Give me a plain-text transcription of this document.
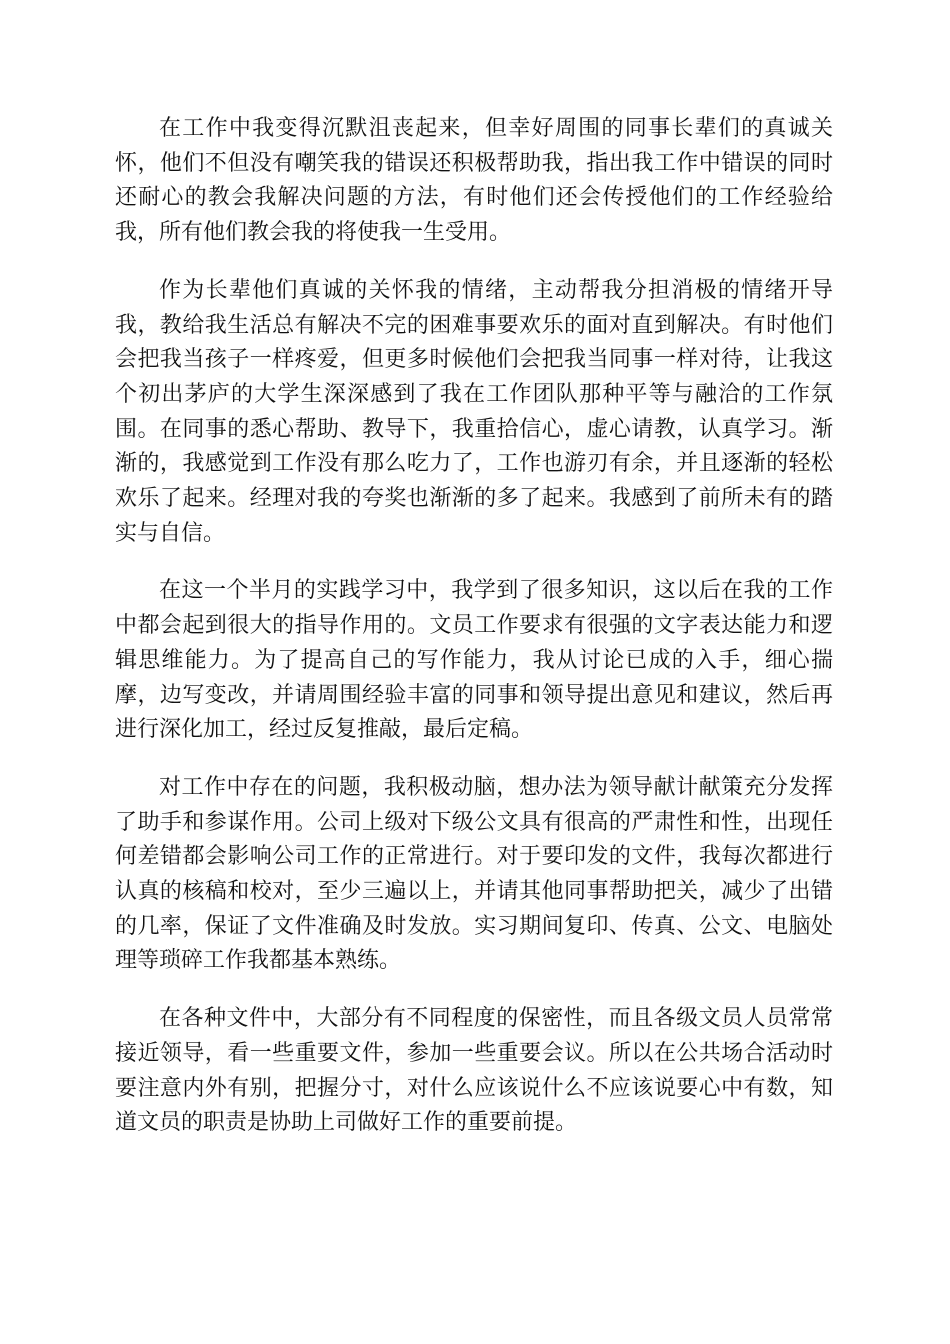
在工作中我变得沉默沮丧起来，但幸好周围的同事长辈们的真诚关怀，他们不但没有嘲笑我的错误还积极帮助我，指出我工作中错误的同时还耐心的教会我解决问题的方法，有时他们还会传授他们的工作经验给我，所有他们教会我的将使我一生受用。

作为长辈他们真诚的关怀我的情绪，主动帮我分担消极的情绪开导我，教给我生活总有解决不完的困难事要欢乐的面对直到解决。有时他们会把我当孩子一样疼爱，但更多时候他们会把我当同事一样对待，让我这个初出茅庐的大学生深深感到了我在工作团队那种平等与融洽的工作氛围。在同事的悉心帮助、教导下，我重拾信心，虚心请教，认真学习。渐渐的，我感觉到工作没有那么吃力了，工作也游刃有余，并且逐渐的轻松欢乐了起来。经理对我的夸奖也渐渐的多了起来。我感到了前所未有的踏实与自信。

在这一个半月的实践学习中，我学到了很多知识，这以后在我的工作中都会起到很大的指导作用的。文员工作要求有很强的文字表达能力和逻辑思维能力。为了提高自己的写作能力，我从讨论已成的入手，细心揣摩，边写变改，并请周围经验丰富的同事和领导提出意见和建议，然后再进行深化加工，经过反复推敲，最后定稿。

对工作中存在的问题，我积极动脑，想办法为领导献计献策充分发挥了助手和参谋作用。公司上级对下级公文具有很高的严肃性和性，出现任何差错都会影响公司工作的正常进行。对于要印发的文件，我每次都进行认真的核稿和校对，至少三遍以上，并请其他同事帮助把关，减少了出错的几率，保证了文件准确及时发放。实习期间复印、传真、公文、电脑处理等琐碎工作我都基本熟练。

在各种文件中，大部分有不同程度的保密性，而且各级文员人员常常接近领导，看一些重要文件，参加一些重要会议。所以在公共场合活动时要注意内外有别，把握分寸，对什么应该说什么不应该说要心中有数，知道文员的职责是协助上司做好工作的重要前提。
